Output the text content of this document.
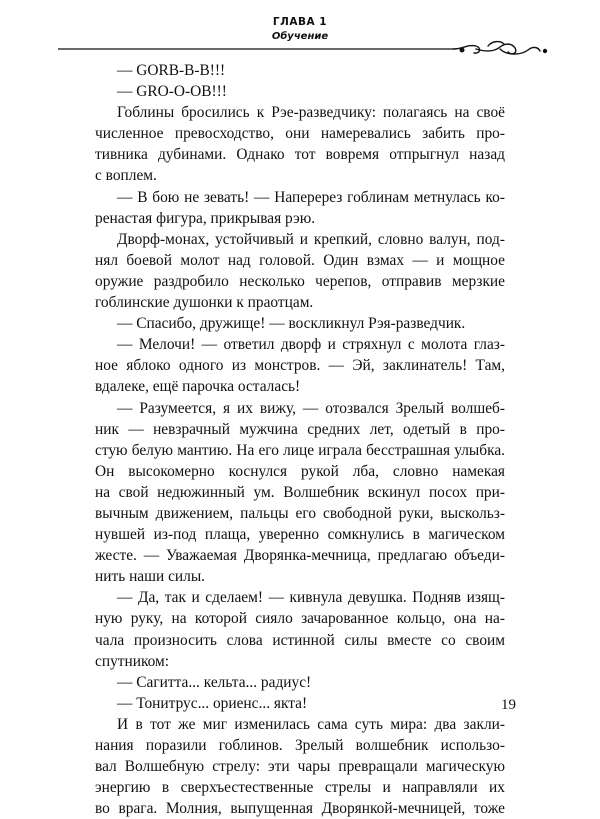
ГЛАВА 1
Обучение
— GORB-B-B!!!
— GRO-O-OB!!!
Гоблины бросились к Рэе-разведчику: полагаясь на своё
численное превосходство, они намеревались забить про-
тивника дубинами. Однако тот вовремя отпрыгнул назад
с воплем.
— В бою не зевать! — Наперерез гоблинам метнулась ко-
ренастая фигура, прикрывая рэю.
Дворф-монах, устойчивый и крепкий, словно валун, под-
нял боевой молот над головой. Один взмах — и мощное
оружие раздробило несколько черепов, отправив мерзкие
гоблинские душонки к праотцам.
— Спасибо, дружище! — воскликнул Рэя-разведчик.
— Мелочи! — ответил дворф и стряхнул с молота глаз-
ное яблоко одного из монстров. — Эй, заклинатель! Там,
вдалеке, ещё парочка осталась!
— Разумеется, я их вижу, — отозвался Зрелый волшеб-
ник — невзрачный мужчина средних лет, одетый в про-
стую белую мантию. На его лице играла бесстрашная улыбка.
Он высокомерно коснулся рукой лба, словно намекая
на свой недюжинный ум. Волшебник вскинул посох при-
вычным движением, пальцы его свободной руки, выскольз-
нувшей из-под плаща, уверенно сомкнулись в магическом
жесте. — Уважаемая Дворянка-мечница, предлагаю объеди-
нить наши силы.
— Да, так и сделаем! — кивнула девушка. Подняв изящ-
ную руку, на которой сияло зачарованное кольцо, она на-
чала произносить слова истинной силы вместе со своим
спутником:
— Сагитта... кельта... радиус!
— Тонитрус... ориенс... якта!
И в тот же миг изменилась сама суть мира: два закли-
нания поразили гоблинов. Зрелый волшебник использо-
вал Волшебную стрелу: эти чары превращали магическую
энергию в сверхъестественные стрелы и направляли их
во врага. Молния, выпущенная Дворянкой-мечницей, тоже
19
